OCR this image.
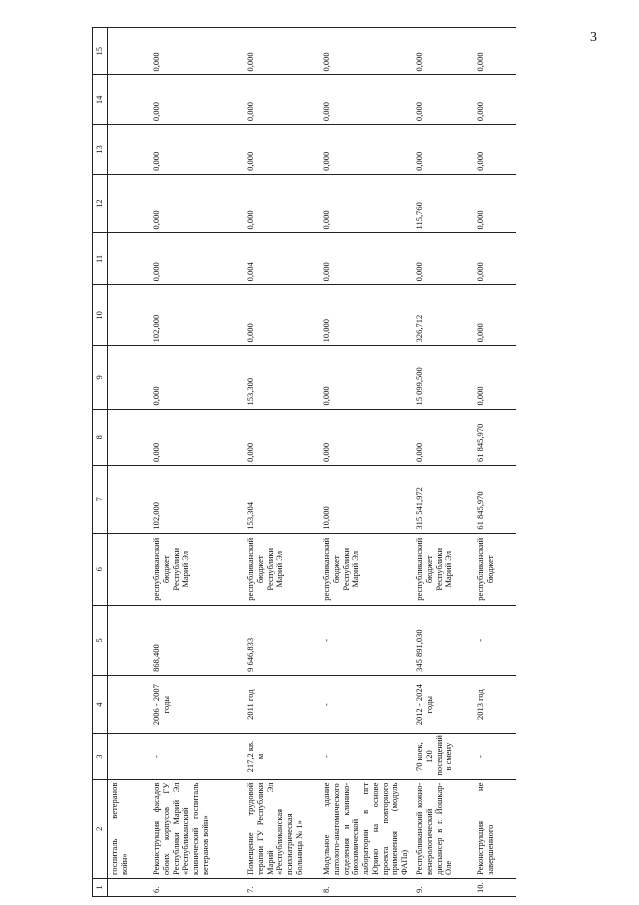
3
1	2	3	4	5	6	7	8	9	10	11	12	13	14	15
	госпиталь ветеранов войн»													
6.	Реконструкция фасадов обоих корпусов ГУ Республики Марий Эл «Республиканский клинический госпиталь ветеранов войн»	-	2006 - 2007 годы	868,400	республиканский бюджет Республики Марий Эл	102,000	0,000	0,000	102,000	0,000	0,000	0,000	0,000	0,000
7.	Помещение трудовой терапии ГУ Республики Марий Эл «Республиканская психиатрическая больница № 1»	217,2 кв. м	2011 год	9 646,833	республиканский бюджет Республики Марий Эл	153,304	0,000	153,300	0,000	0,004	0,000	0,000	0,000	0,000
8.	Модульное здание патолого-анатомического отделения и клинико-биохимической лаборатории в пгт Юрино на основе проекта повторного применения (модуль ФАПа)	-	-	-	республиканский бюджет Республики Марий Эл	10,000	0,000	0,000	10,000	0,000	0,000	0,000	0,000	0,000
9.	Республиканский кожно-венерологический диспансер в г. Йошкар-Оле	70 коек, 120 посещений в смену	2012 - 2024 годы	345 891,030	республиканский бюджет Республики Марий Эл	315 541,972	0,000	15 099,500	326,712	0,000	115,760	0,000	0,000	0,000
10.	Реконструкция не завершенного	-	2013 год	-	республиканский бюджет	61 845,970	61 845,970	0,000	0,000	0,000	0,000	0,000	0,000	0,000
